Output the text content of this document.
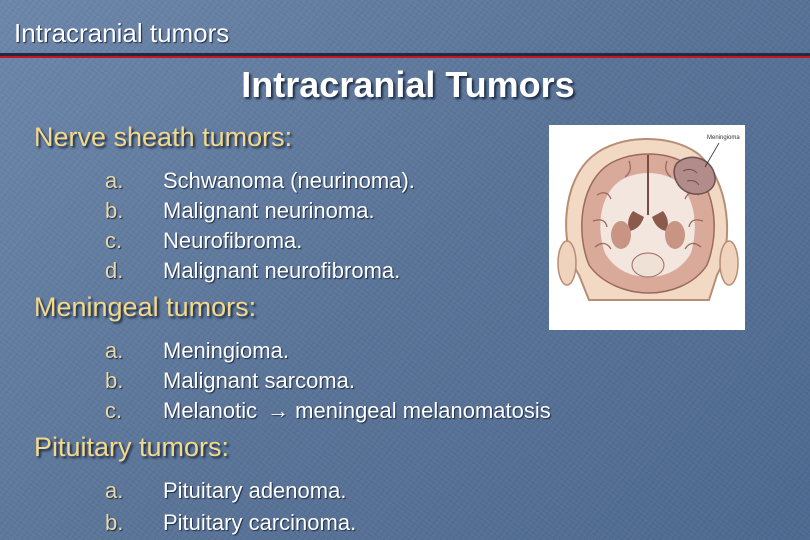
Intracranial tumors
Intracranial Tumors
Nerve sheath tumors:
a. Schwanoma (neurinoma).
b. Malignant neurinoma.
c. Neurofibroma.
d. Malignant neurofibroma.
Meningeal tumors:
a. Meningioma.
b. Malignant sarcoma.
c. Melanotic → meningeal melanomatosis
Pituitary tumors:
a. Pituitary adenoma.
b. Pituitary carcinoma.
Meningioma
